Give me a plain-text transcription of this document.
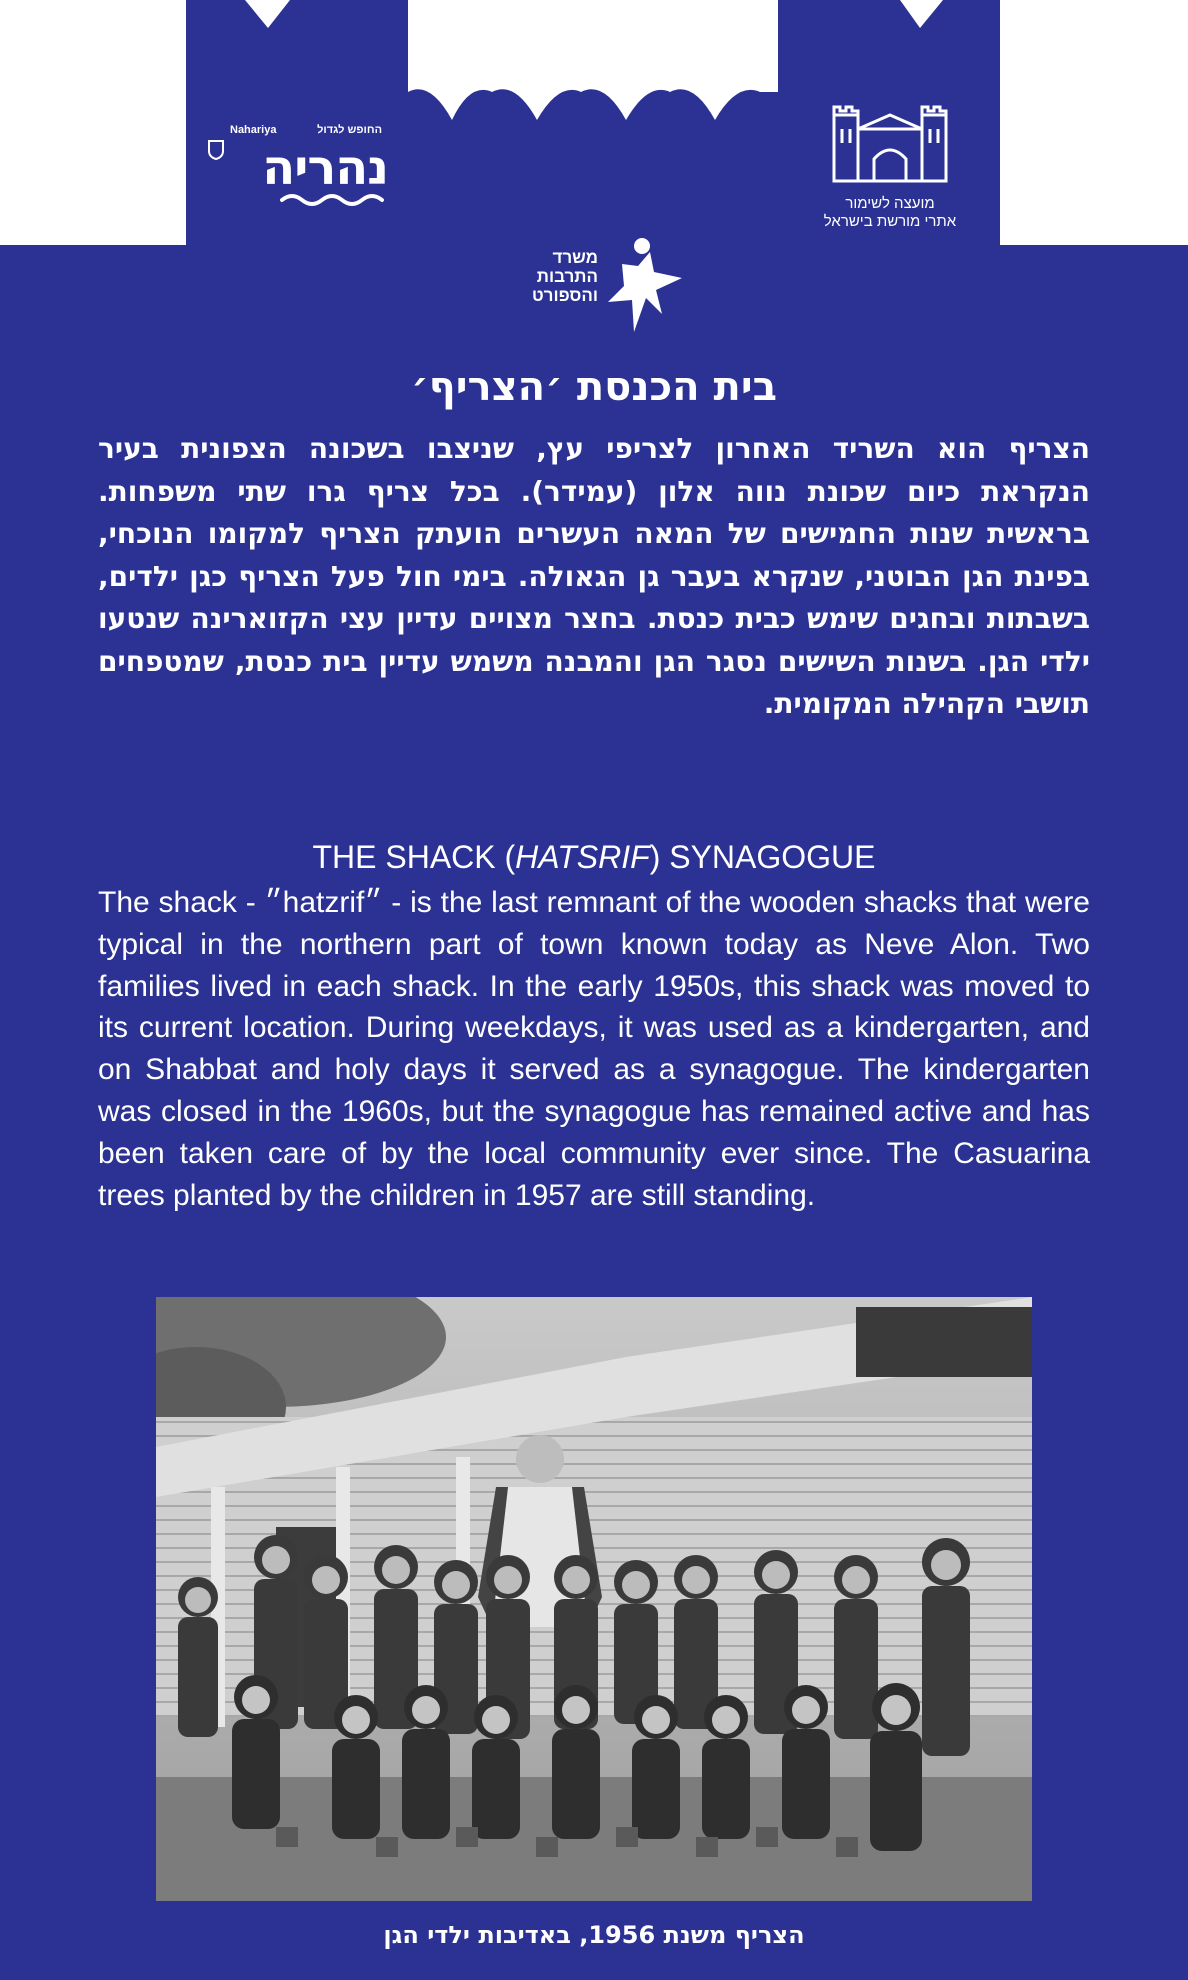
החופש לגדול
Nahariya
נהריה
מועצה לשימור
אתרי מורשת בישראל
משרד
התרבות
והספורט
בית הכנסת ׳הצריף׳

הצריף הוא השריד האחרון לצריפי עץ, שניצבו בשכונה הצפונית בעיר הנקראת כיום שכונת נווה אלון (עמידר). בכל צריף גרו שתי משפחות. בראשית שנות החמישים של המאה העשרים הועתק הצריף למקומו הנוכחי, בפינת הגן הבוטני, שנקרא בעבר גן הגאולה. בימי חול פעל הצריף כגן ילדים, בשבתות ובחגים שימש כבית כנסת. בחצר מצויים עדיין עצי הקזוארינה שנטעו ילדי הגן. בשנות השישים נסגר הגן והמבנה משמש עדיין בית כנסת, שמטפחים תושבי הקהילה המקומית.

THE SHACK (HATSRIF) SYNAGOGUE

The shack - ״hatzrif״ - is the last remnant of the wooden shacks that were typical in the northern part of town known today as Neve Alon. Two families lived in each shack. In the early 1950s, this shack was moved to its current location. During weekdays, it was used as a kindergarten, and on Shabbat and holy days it served as a synagogue. The kindergarten was closed in the 1960s, but the synagogue has remained active and has been taken care of by the local community ever since. The Casuarina trees planted by the children in 1957 are still standing.

הצריף משנת 1956, באדיבות ילדי הגן
